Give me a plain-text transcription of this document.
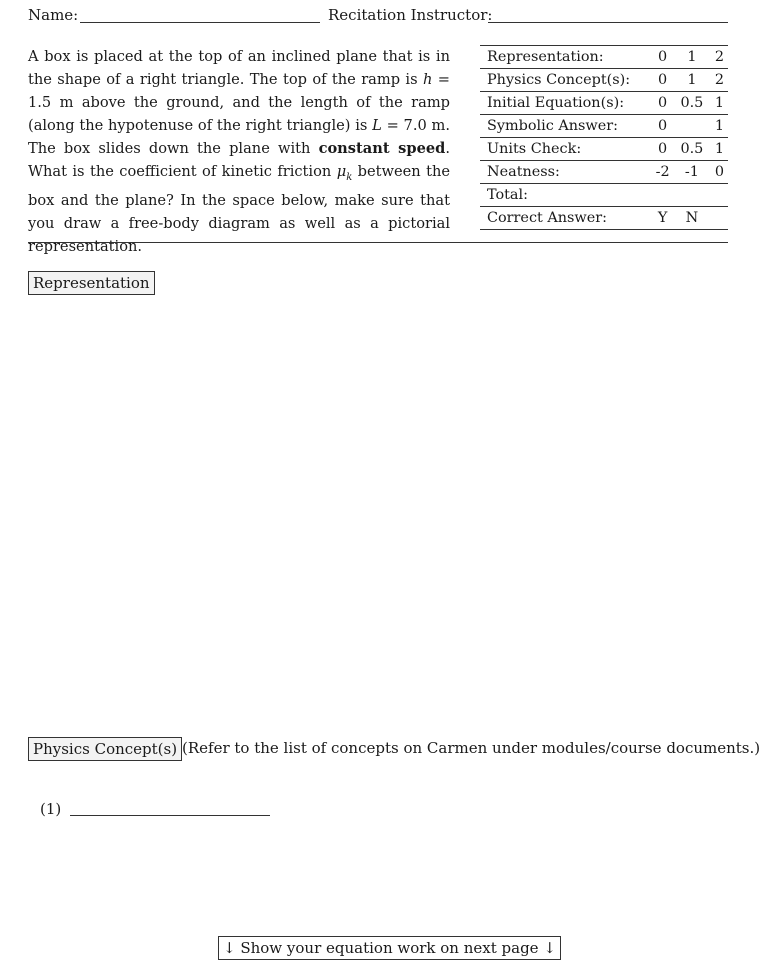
Name:	Recitation Instructor:
A box is placed at the top of an inclined plane that is in the shape of a right triangle. The top of the ramp is h = 1.5 m above the ground, and the length of the ramp (along the hypotenuse of the right triangle) is L = 7.0 m. The box slides down the plane with constant speed. What is the coefficient of kinetic friction $\mu_k$ between the box and the plane? In the space below, make sure that you draw a free-body diagram as well as a pictorial representation.
Representation:	0	1	2
Physics Concept(s):	0	1	2
Initial Equation(s):	0	0.5	1
Symbolic Answer:	0		1
Units Check:	0	0.5	1
Neatness:	-2	-1	0
Total:			
Correct Answer:	Y	N	
Representation
Physics Concept(s) (Refer to the list of concepts on Carmen under modules/course documents.)
(1)
↓ Show your equation work on next page ↓
